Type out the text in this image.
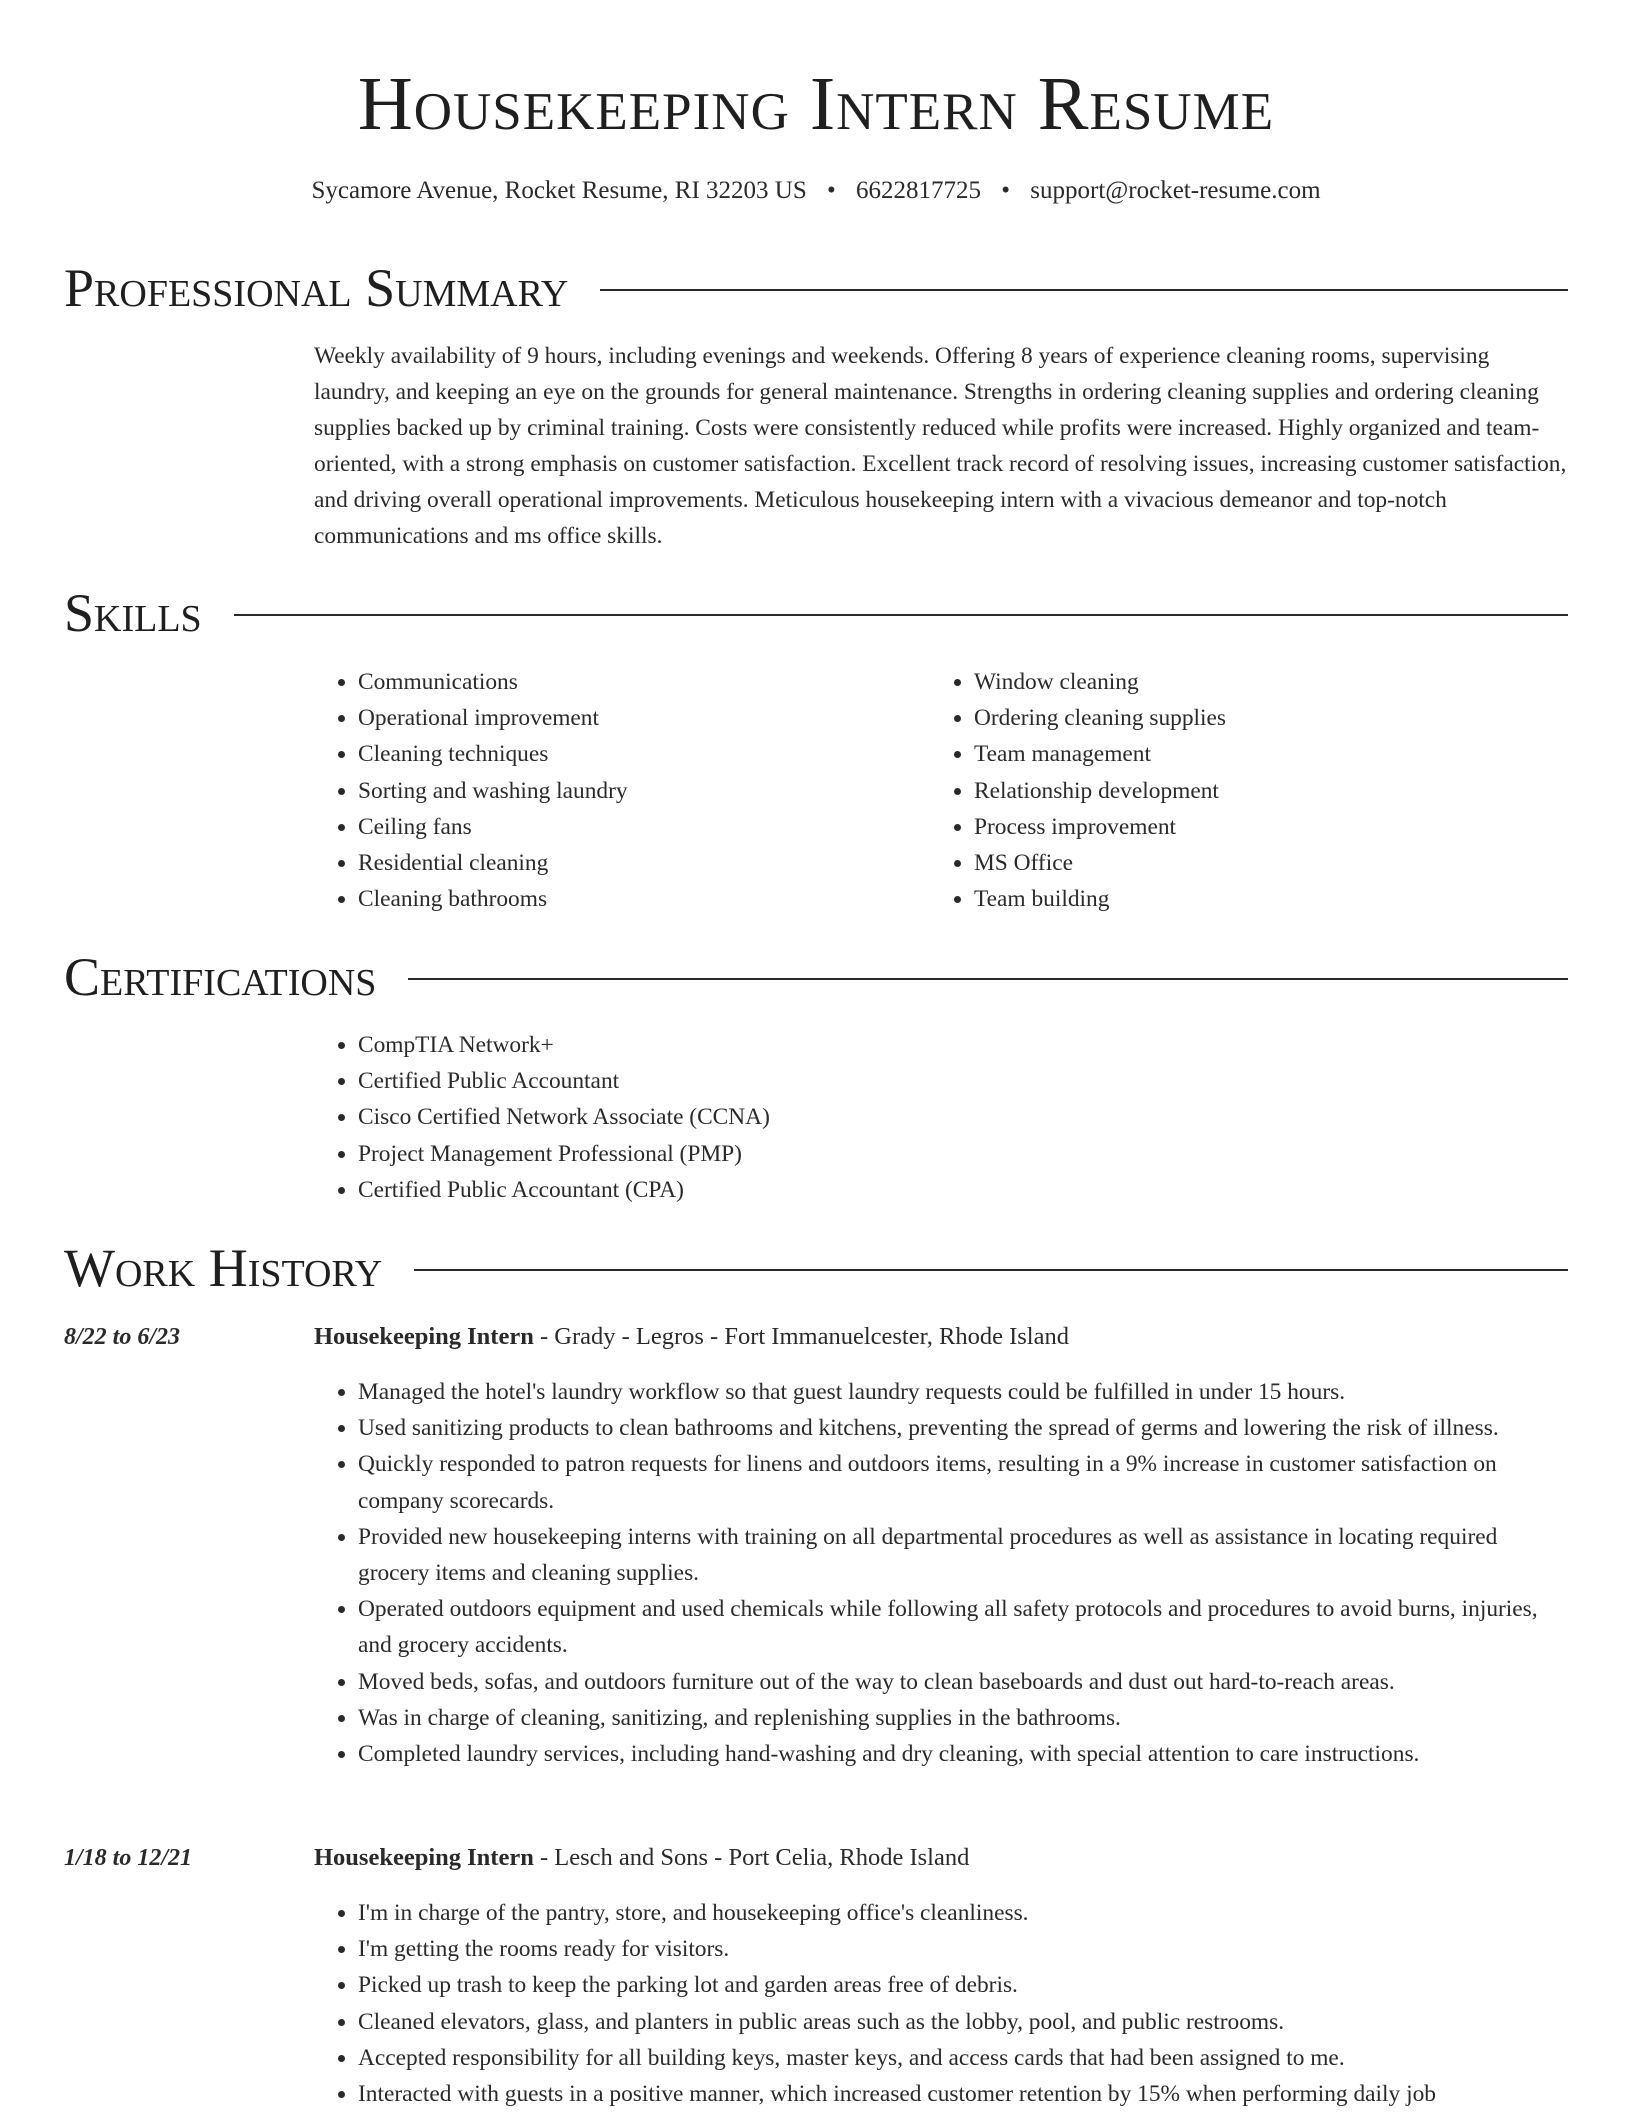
Housekeeping Intern Resume
Sycamore Avenue, Rocket Resume, RI 32203 US • 6622817725 • support@rocket-resume.com
Professional Summary

Weekly availability of 9 hours, including evenings and weekends. Offering 8 years of experience cleaning rooms, supervising laundry, and keeping an eye on the grounds for general maintenance. Strengths in ordering cleaning supplies and ordering cleaning supplies backed up by criminal training. Costs were consistently reduced while profits were increased. Highly organized and team-oriented, with a strong emphasis on customer satisfaction. Excellent track record of resolving issues, increasing customer satisfaction, and driving overall operational improvements. Meticulous housekeeping intern with a vivacious demeanor and top-notch communications and ms office skills.

Skills
• Communications
• Operational improvement
• Cleaning techniques
• Sorting and washing laundry
• Ceiling fans
• Residential cleaning
• Cleaning bathrooms
• Window cleaning
• Ordering cleaning supplies
• Team management
• Relationship development
• Process improvement
• MS Office
• Team building
Certifications
• CompTIA Network+
• Certified Public Accountant
• Cisco Certified Network Associate (CCNA)
• Project Management Professional (PMP)
• Certified Public Accountant (CPA)
Work History
8/22 to 6/23	Housekeeping Intern - Grady - Legros - Fort Immanuelcester, Rhode Island
• Managed the hotel's laundry workflow so that guest laundry requests could be fulfilled in under 15 hours.
• Used sanitizing products to clean bathrooms and kitchens, preventing the spread of germs and lowering the risk of illness.
• Quickly responded to patron requests for linens and outdoors items, resulting in a 9% increase in customer satisfaction on company scorecards.
• Provided new housekeeping interns with training on all departmental procedures as well as assistance in locating required grocery items and cleaning supplies.
• Operated outdoors equipment and used chemicals while following all safety protocols and procedures to avoid burns, injuries, and grocery accidents.
• Moved beds, sofas, and outdoors furniture out of the way to clean baseboards and dust out hard-to-reach areas.
• Was in charge of cleaning, sanitizing, and replenishing supplies in the bathrooms.
• Completed laundry services, including hand-washing and dry cleaning, with special attention to care instructions.
1/18 to 12/21	Housekeeping Intern - Lesch and Sons - Port Celia, Rhode Island
• I'm in charge of the pantry, store, and housekeeping office's cleanliness.
• I'm getting the rooms ready for visitors.
• Picked up trash to keep the parking lot and garden areas free of debris.
• Cleaned elevators, glass, and planters in public areas such as the lobby, pool, and public restrooms.
• Accepted responsibility for all building keys, master keys, and access cards that had been assigned to me.
• Interacted with guests in a positive manner, which increased customer retention by 15% when performing daily job
